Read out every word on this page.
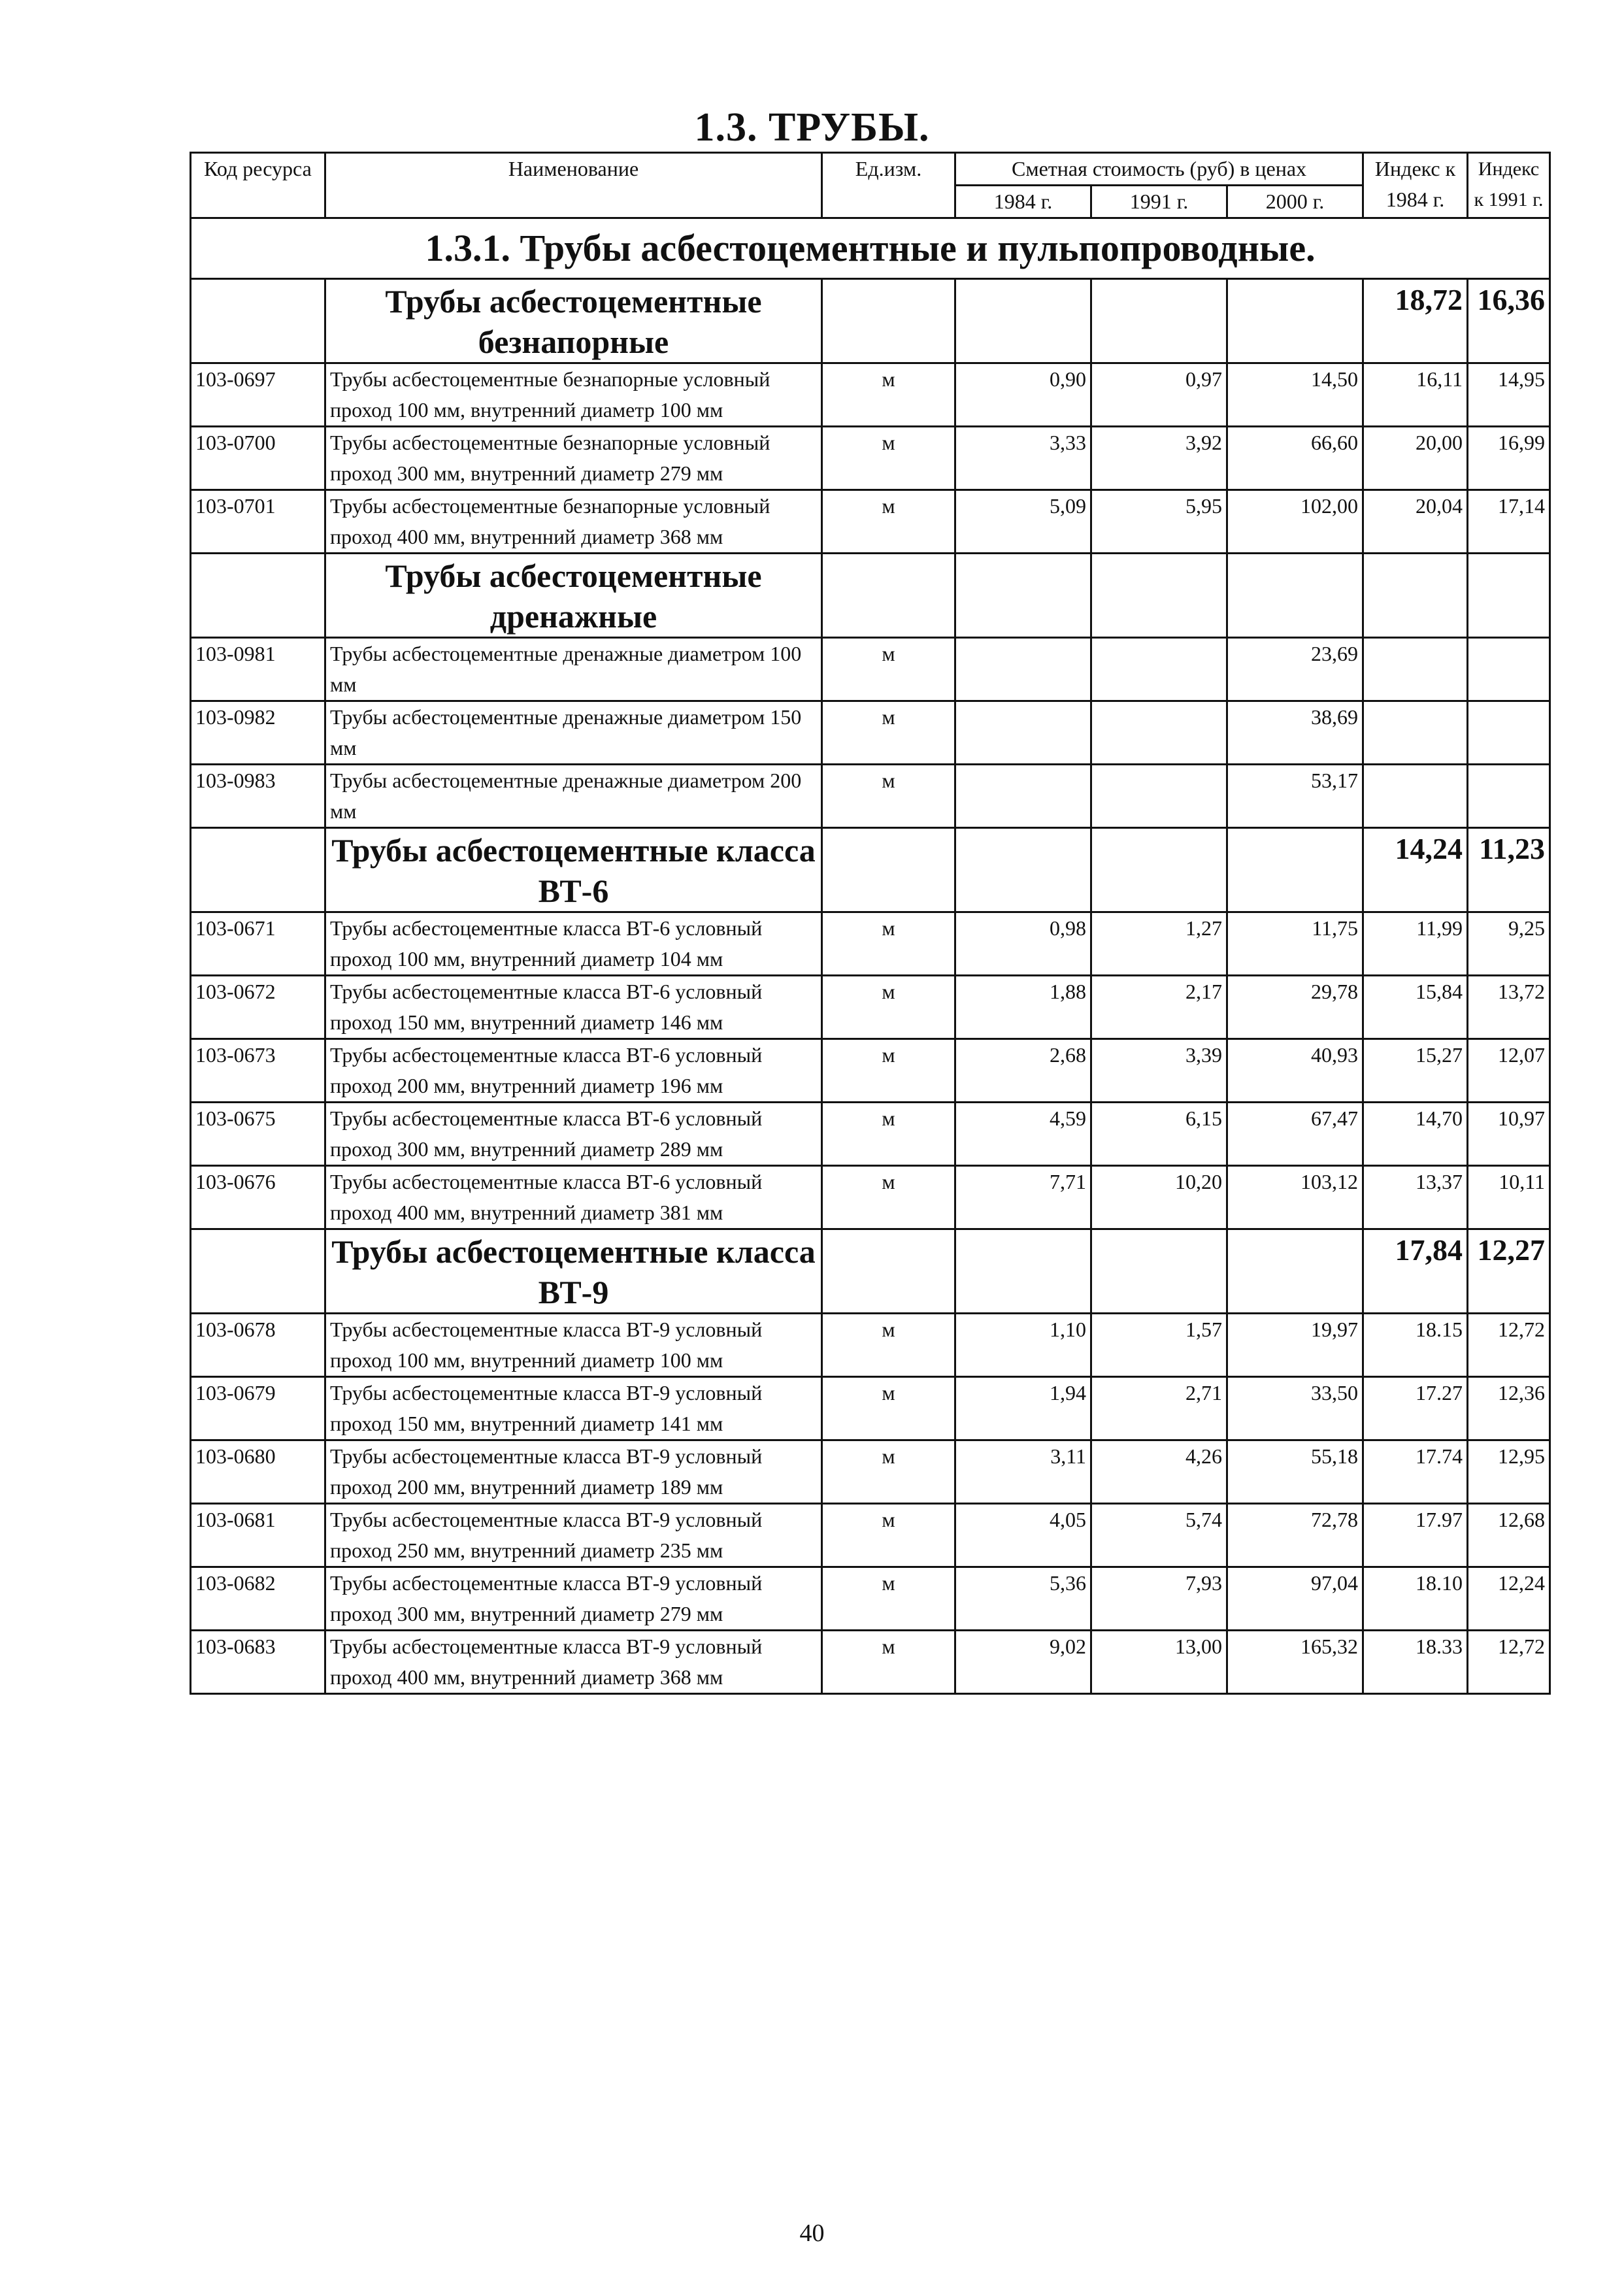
1.3. ТРУБЫ.
Код ресурса	Наименование	Ед.изм.	Сметная стоимость (руб) в ценах			Индекс к 1984 г.	Индекс к 1991 г.
			1984 г.	1991 г.	2000 г.		
1.3.1. Трубы асбестоцементные и пульпопроводные.							
	Трубы асбестоцементные безнапорные					18,72	16,36
103-0697	Трубы асбестоцементные безнапорные условный проход 100 мм, внутренний диаметр 100 мм	м	0,90	0,97	14,50	16,11	14,95
103-0700	Трубы асбестоцементные безнапорные условный проход 300 мм, внутренний диаметр 279 мм	м	3,33	3,92	66,60	20,00	16,99
103-0701	Трубы асбестоцементные безнапорные условный проход 400 мм, внутренний диаметр 368 мм	м	5,09	5,95	102,00	20,04	17,14
	Трубы асбестоцементные дренажные						
103-0981	Трубы асбестоцементные дренажные диаметром 100 мм	м			23,69		
103-0982	Трубы асбестоцементные дренажные диаметром 150 мм	м			38,69		
103-0983	Трубы асбестоцементные дренажные диаметром 200 мм	м			53,17		
	Трубы асбестоцементные класса ВТ-6					14,24	11,23
103-0671	Трубы асбестоцементные класса ВТ-6 условный проход 100 мм, внутренний диаметр 104 мм	м	0,98	1,27	11,75	11,99	9,25
103-0672	Трубы асбестоцементные класса ВТ-6 условный проход 150 мм, внутренний диаметр 146 мм	м	1,88	2,17	29,78	15,84	13,72
103-0673	Трубы асбестоцементные класса ВТ-6 условный проход 200 мм, внутренний диаметр 196 мм	м	2,68	3,39	40,93	15,27	12,07
103-0675	Трубы асбестоцементные класса ВТ-6 условный проход 300 мм, внутренний диаметр 289 мм	м	4,59	6,15	67,47	14,70	10,97
103-0676	Трубы асбестоцементные класса ВТ-6 условный проход 400 мм, внутренний диаметр 381 мм	м	7,71	10,20	103,12	13,37	10,11
	Трубы асбестоцементные класса ВТ-9					17,84	12,27
103-0678	Трубы асбестоцементные класса ВТ-9 условный проход 100 мм, внутренний диаметр 100 мм	м	1,10	1,57	19,97	18.15	12,72
103-0679	Трубы асбестоцементные класса ВТ-9 условный проход 150 мм, внутренний диаметр 141 мм	м	1,94	2,71	33,50	17.27	12,36
103-0680	Трубы асбестоцементные класса ВТ-9 условный проход 200 мм, внутренний диаметр 189 мм	м	3,11	4,26	55,18	17.74	12,95
103-0681	Трубы асбестоцементные класса ВТ-9 условный проход 250 мм, внутренний диаметр 235 мм	м	4,05	5,74	72,78	17.97	12,68
103-0682	Трубы асбестоцементные класса ВТ-9 условный проход 300 мм, внутренний диаметр 279 мм	м	5,36	7,93	97,04	18.10	12,24
103-0683	Трубы асбестоцементные класса ВТ-9 условный проход 400 мм, внутренний диаметр 368 мм	м	9,02	13,00	165,32	18.33	12,72
40
